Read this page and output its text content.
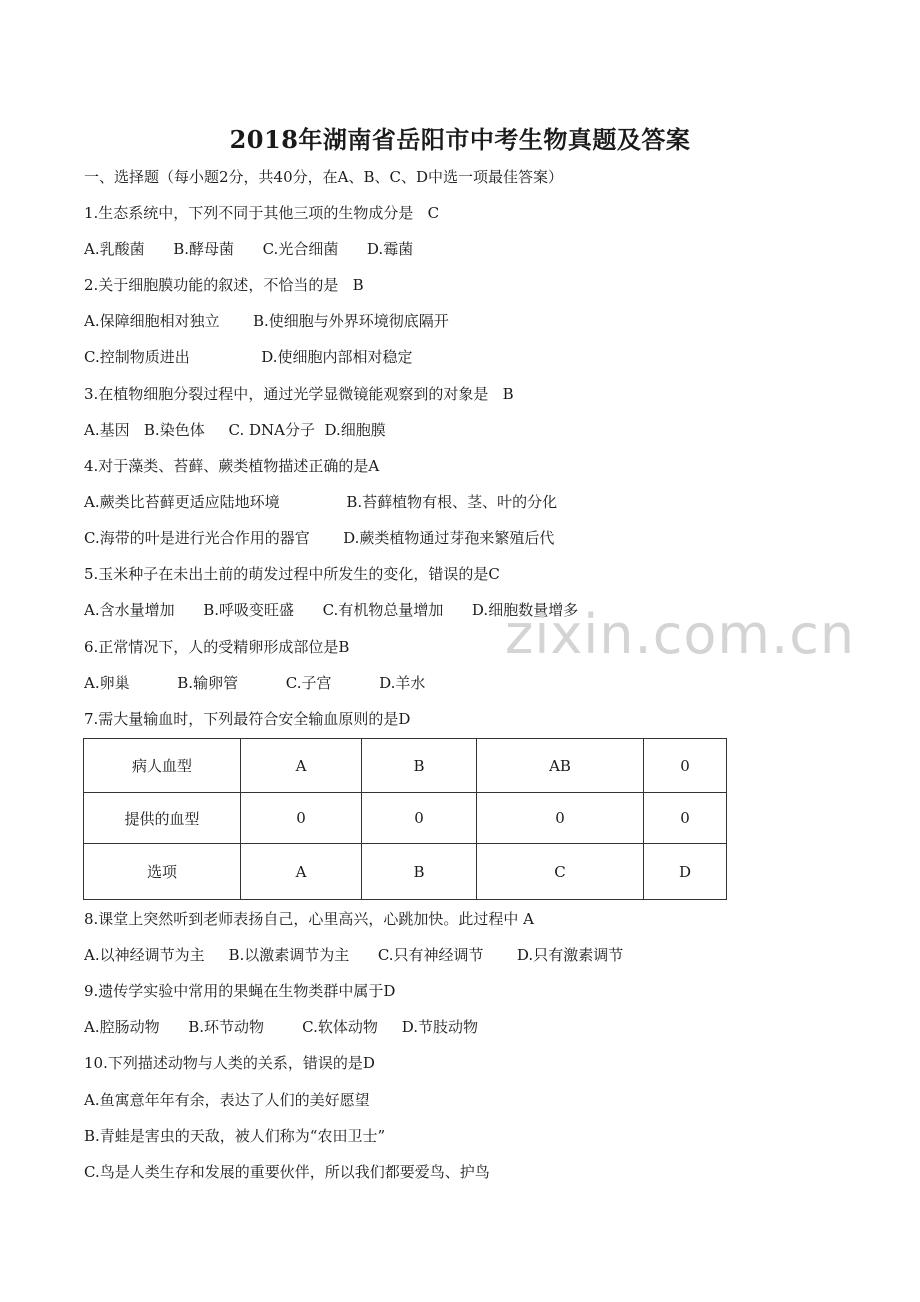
2018年湖南省岳阳市中考生物真题及答案
一、选择题（每小题2分，共40分，在A、B、C、D中选一项最佳答案）
1.生态系统中，下列不同于其他三项的生物成分是   C
A.乳酸菌      B.酵母菌      C.光合细菌      D.霉菌
2.关于细胞膜功能的叙述，不恰当的是   B
A.保障细胞相对独立       B.使细胞与外界环境彻底隔开
C.控制物质进出               D.使细胞内部相对稳定
3.在植物细胞分裂过程中，通过光学显微镜能观察到的对象是   B
A.基因   B.染色体     C. DNA分子  D.细胞膜
4.对于藻类、苔藓、蕨类植物描述正确的是A
A.蕨类比苔藓更适应陆地环境              B.苔藓植物有根、茎、叶的分化
C.海带的叶是进行光合作用的器官       D.蕨类植物通过芽孢来繁殖后代
5.玉米种子在未出土前的萌发过程中所发生的变化，错误的是C
A.含水量增加      B.呼吸变旺盛      C.有机物总量增加      D.细胞数量增多
6.正常情况下，人的受精卵形成部位是B
A.卵巢          B.输卵管          C.子宫          D.羊水
7.需大量输血时，下列最符合安全输血原则的是D
病人血型	A	B	AB	0
提供的血型	0	0	0	0
选项	A	B	C	D
8.课堂上突然听到老师表扬自己，心里高兴，心跳加快。此过程中 A
A.以神经调节为主     B.以激素调节为主      C.只有神经调节       D.只有激素调节
9.遗传学实验中常用的果蝇在生物类群中属于D
A.腔肠动物      B.环节动物        C.软体动物     D.节肢动物
10.下列描述动物与人类的关系，错误的是D
A.鱼寓意年年有余，表达了人们的美好愿望
B.青蛙是害虫的天敌，被人们称为“农田卫士”
C.鸟是人类生存和发展的重要伙伴，所以我们都要爱鸟、护鸟
zixin.com.cn
